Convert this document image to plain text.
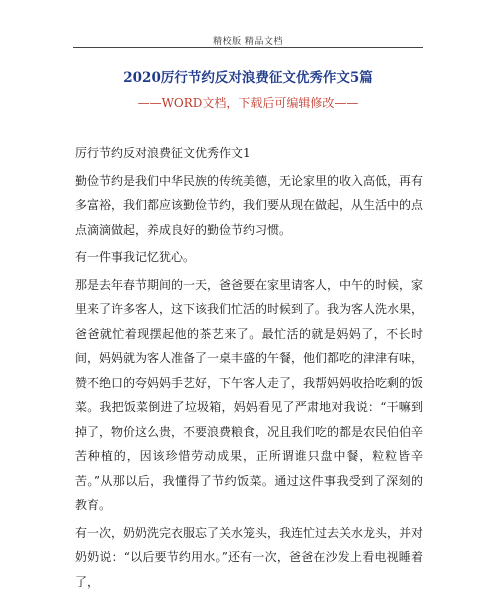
精校版 精品文档
2020厉行节约反对浪费征文优秀作文5篇
——WORD文档，下载后可编辑修改——

厉行节约反对浪费征文优秀作文1

勤俭节约是我们中华民族的传统美德，无论家里的收入高低，再有多富裕，我们都应该勤俭节约，我们要从现在做起，从生活中的点点滴滴做起，养成良好的勤俭节约习惯。

有一件事我记忆犹心。

那是去年春节期间的一天，爸爸要在家里请客人，中午的时候，家里来了许多客人，这下该我们忙活的时候到了。我为客人洗水果，爸爸就忙着现摆起他的茶艺来了。最忙活的就是妈妈了，不长时间，妈妈就为客人准备了一桌丰盛的午餐，他们都吃的津津有味，赞不绝口的夸妈妈手艺好，下午客人走了，我帮妈妈收拾吃剩的饭菜。我把饭菜倒进了垃圾箱，妈妈看见了严肃地对我说：“干嘛到掉了，物价这么贵，不要浪费粮食，况且我们吃的都是农民伯伯辛苦种植的，因该珍惜劳动成果，正所谓谁只盘中餐，粒粒皆辛苦。”从那以后，我懂得了节约饭菜。通过这件事我受到了深刻的教育。

有一次，奶奶洗完衣服忘了关水笼头，我连忙过去关水龙头，并对奶奶说：“以后要节约用水。”还有一次，爸爸在沙发上看电视睡着了，
